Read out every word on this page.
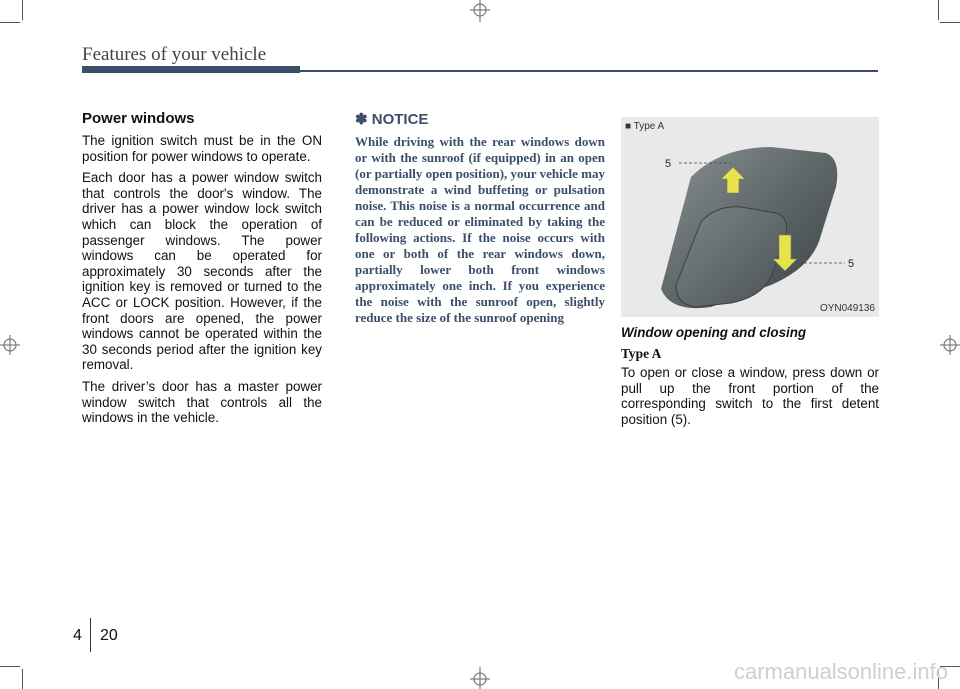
Features of your vehicle
Power windows

The ignition switch must be in the ON position for power windows to operate.

Each door has a power window switch that controls the door's window. The driver has a power window lock switch which can block the operation of passenger windows. The power windows can be operated for approximately 30 seconds after the ignition key is removed or turned to the ACC or LOCK position. However, if the front doors are opened, the power windows cannot be operated within the 30 seconds period after the ignition key removal.

The driver’s door has a master power window switch that controls all the windows in the vehicle.

✽ NOTICE

While driving with the rear windows down or with the sunroof (if equipped) in an open (or partially open position), your vehicle may demonstrate a wind buffeting or pulsation noise. This noise is a normal occurrence and can be reduced or eliminated by taking the following actions. If the noise occurs with one or both of the rear windows down, partially lower both front windows approximately one inch. If you experience the noise with the sunroof open, slightly reduce the size of the sunroof opening

5
5
■ Type A
OYN049136
Window opening and closing
Type A

To open or close a window, press down or pull up the front portion of the corresponding switch to the first detent position (5).

4 20
carmanualsonline.info
